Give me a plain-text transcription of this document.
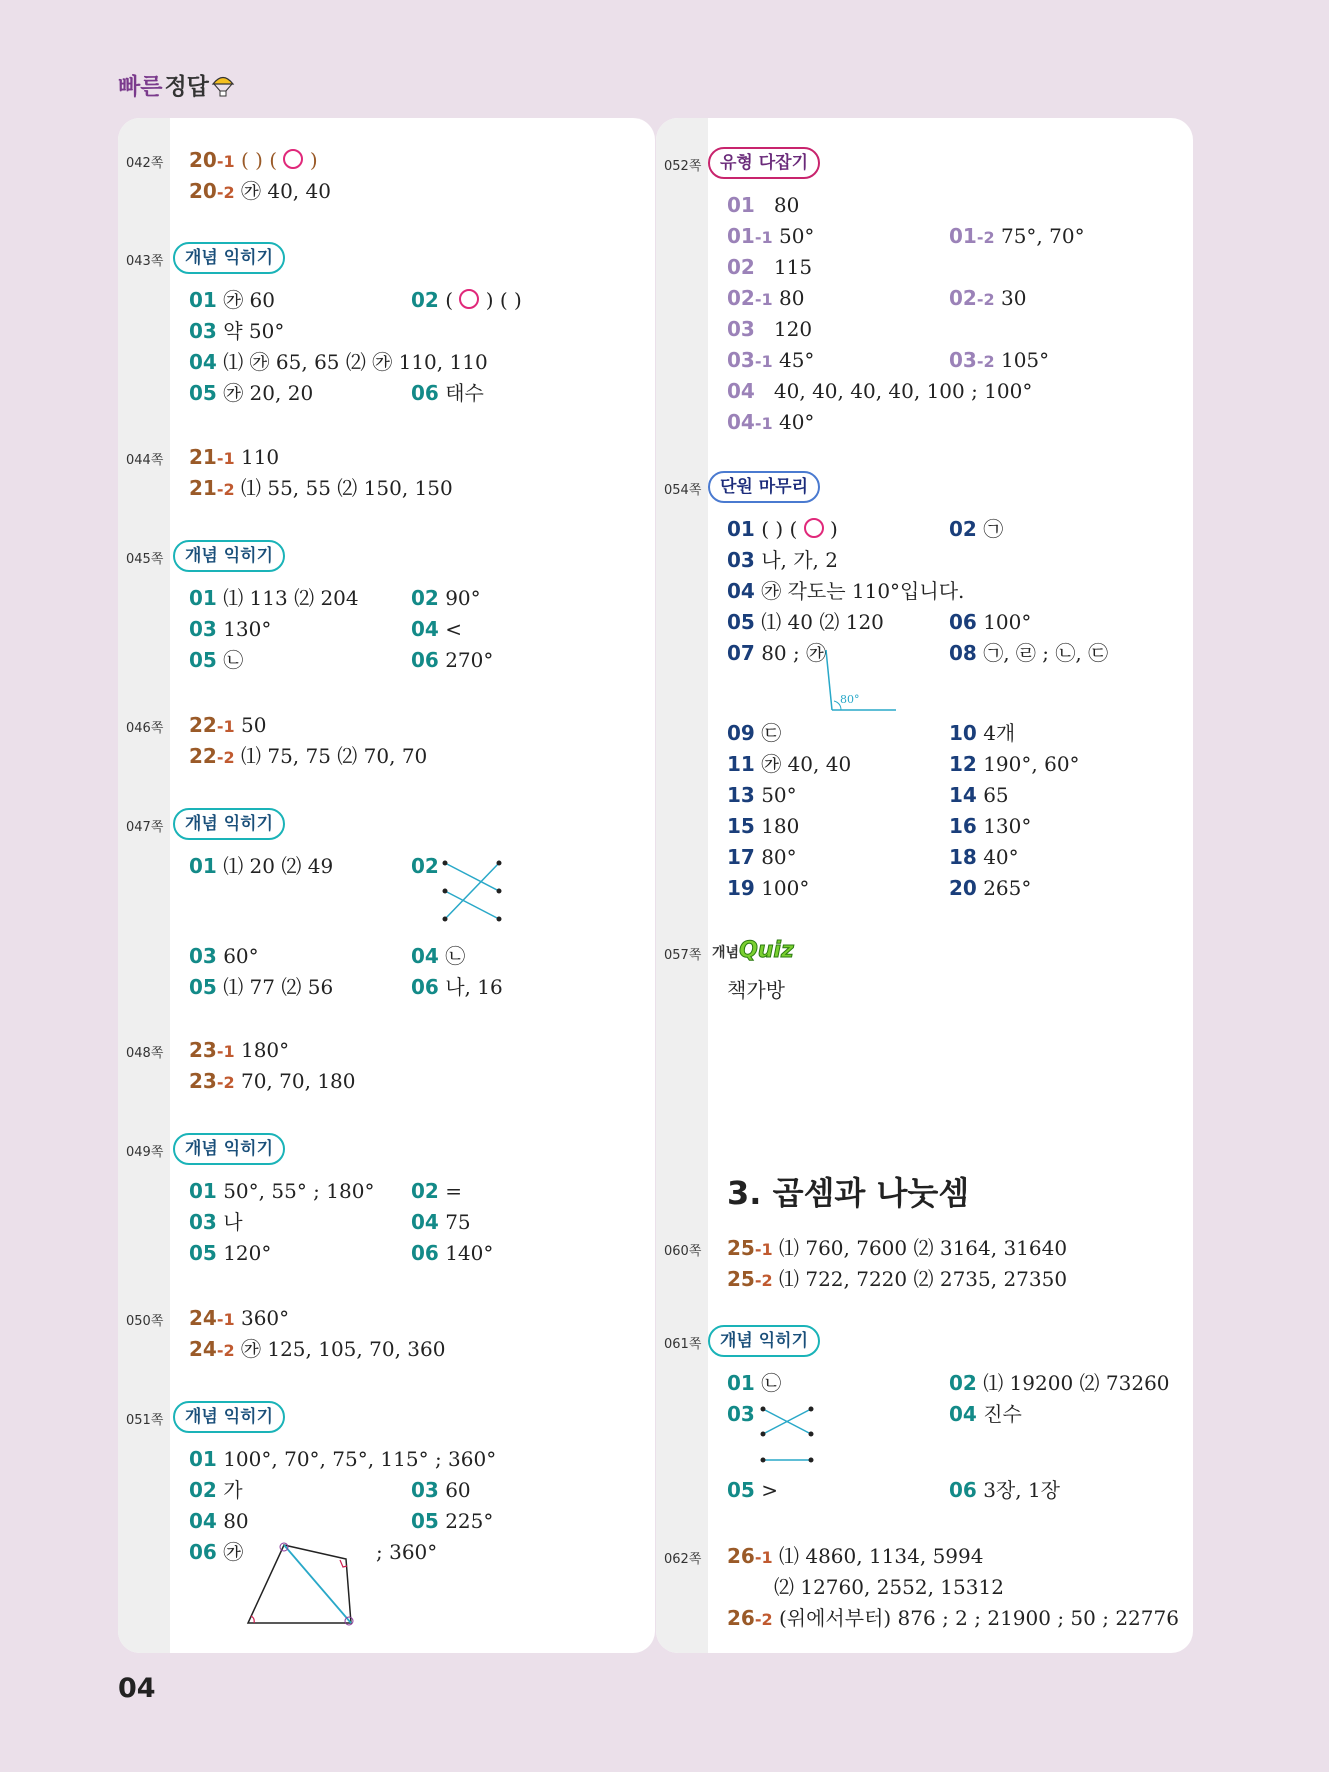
빠른 정답
042쪽 20-1 ( ) ( ○ )
20-2 ㉮ 40, 40
043쪽	개념 익히기
01 ㉮ 60	02 ( ○ ) ( )
03 약 50°
04 ⑴ ㉮ 65, 65 ⑵ ㉮ 110, 110
05 ㉮ 20, 20	06 태수
044쪽 21-1 110
21-2 ⑴ 55, 55 ⑵ 150, 150
045쪽	개념 익히기
01 ⑴ 113 ⑵ 204	02 90°
03 130°	04 <
05 ㉡	06 270°
046쪽 22-1 50
22-2 ⑴ 75, 75 ⑵ 70, 70
047쪽	개념 익히기
01 ⑴ 20 ⑵ 49	02
03 60°	04 ㉡
05 ⑴ 77 ⑵ 56	06 나, 16
048쪽 23-1 180°
23-2 70, 70, 180
049쪽	개념 익히기
01 50°, 55° ; 180° 02 =
03 나	04 75
05 120°	06 140°
050쪽 24-1 360°
24-2 ㉮ 125, 105, 70, 360
051쪽	개념 익히기
01 100°, 70°, 75°, 115° ; 360°
02 가	03 60
04 80	05 225°
06 ㉮	; 360°
052쪽	유형 다잡기
01 80
01-1 50°	01-2 75°, 70°
02 115
02-1 80	02-2 30
03 120
03-1 45°	03-2 105°
04 40, 40, 40, 40, 100 ; 100°
04-1 40°
054쪽	단원 마무리
01 ( ) ( ○ )	02 ㉠
03 나, 가, 2
04 ㉮ 각도는 110°입니다.
05 ⑴ 40 ⑵ 120	06 100°
07 80 ; ㉮
80°
08 ㉠, ㉣ ; ㉡, ㉢
09 ㉢	10 4개
11 ㉮ 40, 40	12 190°, 60°
13 50°	14 65
15 180	16 130°
17 80°	18 40°
19 100°	20 265°
057쪽 개념Quiz
책가방
3. 곱셈과 나눗셈
060쪽 25-1 ⑴ 760, 7600 ⑵ 3164, 31640
25-2 ⑴ 722, 7220 ⑵ 2735, 27350
061쪽	개념 익히기
01 ㉡	02 ⑴ 19200 ⑵ 73260
03	04 진수
05 >	06 3장, 1장
062쪽 26-1 ⑴ 4860, 1134, 5994
⑵ 12760, 2552, 15312
26-2 (위에서부터) 876 ; 2 ; 21900 ; 50 ; 22776
04
